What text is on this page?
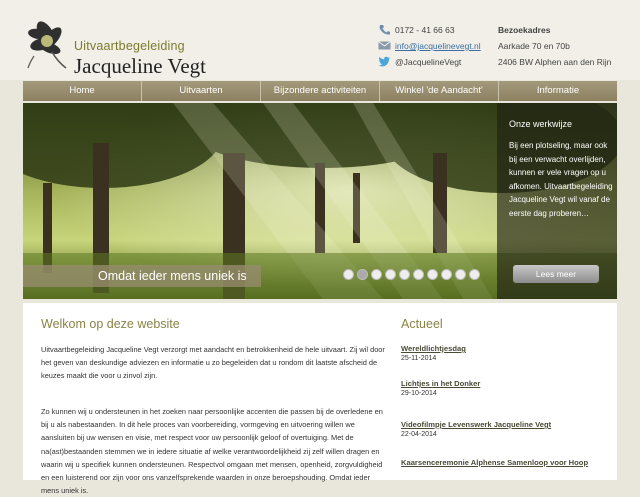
Uitvaartbegeleiding
Jacqueline Vegt
0172 - 41 66 63
info@jacquelinevegt.nl
@JacquelineVegt
Bezoekadres
Aarkade 70 en 70b
2406 BW Alphen aan den Rijn
Home	Uitvaarten	Bijzondere activiteiten	Winkel 'de Aandacht'	Informatie
Omdat ieder mens uniek is
Onze werkwijze
Bij een plotseling, maar ook bij een verwacht overlijden, kunnen er vele vragen op u afkomen. Uitvaartbegeleiding Jacqueline Vegt wil vanaf de eerste dag proberen…
Lees meer
Welkom op deze website

Uitvaartbegeleiding Jacqueline Vegt verzorgt met aandacht en betrokkenheid de hele uitvaart. Zij wil door het geven van deskundige adviezen en informatie u zo begeleiden dat u rondom dit laatste afscheid de keuzes maakt die voor u zinvol zijn.

Zo kunnen wij u ondersteunen in het zoeken naar persoonlijke accenten die passen bij de overledene en bij u als nabestaanden. In dit hele proces van voorbereiding, vormgeving en uitvoering willen we aansluiten bij uw wensen en visie, met respect voor uw persoonlijk geloof of overtuiging. Met de na(ast)bestaanden stemmen we in iedere situatie af welke verantwoordelijkheid zij zelf willen dragen en waarin wij u specifiek kunnen ondersteunen. Respectvol omgaan met mensen, openheid, zorgvuldigheid en een luisterend oor zijn voor ons vanzelfsprekende waarden in onze beroepshouding. Omdat ieder mens uniek is.

Actueel
Wereldlichtjesdag
25-11-2014
Lichtjes in het Donker
29-10-2014
Videofilmpje Levenswerk Jacqueline Vegt
22-04-2014
Kaarsenceremonie Alphense Samenloop voor Hoop
